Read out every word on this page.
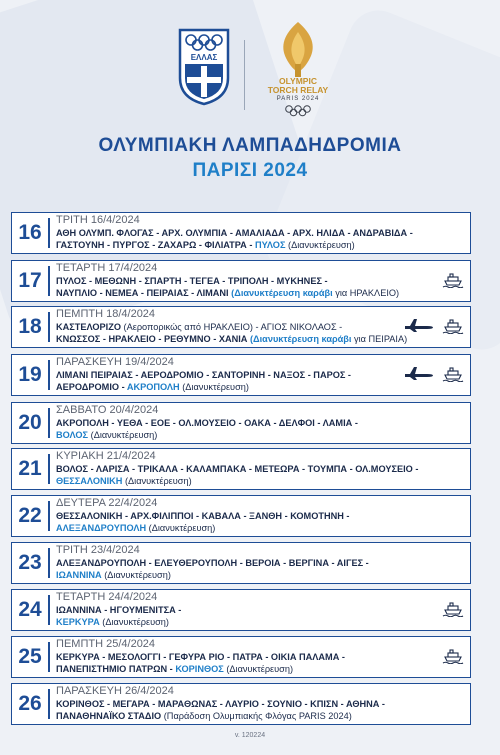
ΕΛΛΑΣ
OLYMPIC
TORCH RELAY
PARIS 2024
ΟΛΥΜΠΙΑΚΗ ΛΑΜΠΑΔΗΔΡΟΜΙΑ
ΠΑΡΙΣΙ 2024
16
ΤΡΙΤΗ 16/4/2024
ΑΘΗ ΟΛΥΜΠ. ΦΛΟΓΑΣ - ΑΡΧ. ΟΛΥΜΠΙΑ - ΑΜΑΛΙΑΔΑ - ΑΡΧ. ΗΛΙΔΑ - ΑΝΔΡΑΒΙΔΑ -
ΓΑΣΤΟΥΝΗ - ΠΥΡΓΟΣ - ΖΑΧΑΡΩ - ΦΙΛΙΑΤΡΑ - ΠΥΛΟΣ (Διανυκτέρευση)
17
ΤΕΤΑΡΤΗ 17/4/2024
ΠΥΛΟΣ - ΜΕΘΩΝΗ - ΣΠΑΡΤΗ - ΤΕΓΕΑ - ΤΡΙΠΟΛΗ - ΜΥΚΗΝΕΣ -
ΝΑΥΠΛΙΟ - ΝΕΜΕΑ - ΠΕΙΡΑΙΑΣ - ΛΙΜΑΝΙ (Διανυκτέρευση καράβι για ΗΡΑΚΛΕΙΟ)
18
ΠΕΜΠΤΗ 18/4/2024
ΚΑΣΤΕΛΟΡΙΖΟ (Αεροπορικώς από ΗΡΑΚΛΕΙΟ) - ΑΓΙΟΣ ΝΙΚΟΛΑΟΣ -
ΚΝΩΣΣΟΣ - ΗΡΑΚΛΕΙΟ - ΡΕΘΥΜΝΟ - ΧΑΝΙΑ (Διανυκτέρευση καράβι για ΠΕΙΡΑΙΑ)
19
ΠΑΡΑΣΚΕΥΗ 19/4/2024
ΛΙΜΑΝΙ ΠΕΙΡΑΙΑΣ - ΑΕΡΟΔΡΟΜΙΟ - ΣΑΝΤΟΡΙΝΗ - ΝΑΞΟΣ - ΠΑΡΟΣ -
ΑΕΡΟΔΡΟΜΙΟ - ΑΚΡΟΠΟΛΗ (Διανυκτέρευση)
20
ΣΑΒΒΑΤΟ 20/4/2024
ΑΚΡΟΠΟΛΗ - ΥΕΘΑ - ΕΟΕ - ΟΛ.ΜΟΥΣΕΙΟ - ΟΑΚΑ - ΔΕΛΦΟΙ - ΛΑΜΙΑ -
ΒΟΛΟΣ (Διανυκτέρευση)
21
ΚΥΡΙΑΚΗ 21/4/2024
ΒΟΛΟΣ - ΛΑΡΙΣΑ - ΤΡΙΚΑΛΑ - ΚΑΛΑΜΠΑΚΑ - ΜΕΤΕΩΡΑ - ΤΟΥΜΠΑ - ΟΛ.ΜΟΥΣΕΙΟ -
ΘΕΣΣΑΛΟΝΙΚΗ (Διανυκτέρευση)
22
ΔΕΥΤΕΡΑ 22/4/2024
ΘΕΣΣΑΛΟΝΙΚΗ - ΑΡΧ.ΦΙΛΙΠΠΟΙ - ΚΑΒΑΛΑ - ΞΑΝΘΗ - ΚΟΜΟΤΗΝΗ -
ΑΛΕΞΑΝΔΡΟΥΠΟΛΗ (Διανυκτέρευση)
23
ΤΡΙΤΗ 23/4/2024
ΑΛΕΞΑΝΔΡΟΥΠΟΛΗ - ΕΛΕΥΘΕΡΟΥΠΟΛΗ - ΒΕΡΟΙΑ - ΒΕΡΓΙΝΑ - ΑΙΓΕΣ -
ΙΩΑΝΝΙΝΑ (Διανυκτέρευση)
24
ΤΕΤΑΡΤΗ 24/4/2024
ΙΩΑΝΝΙΝΑ - ΗΓΟΥΜΕΝΙΤΣΑ -
ΚΕΡΚΥΡΑ (Διανυκτέρευση)
25
ΠΕΜΠΤΗ 25/4/2024
ΚΕΡΚΥΡΑ - ΜΕΣΟΛΟΓΓΙ - ΓΕΦΥΡΑ ΡΙΟ - ΠΑΤΡΑ - ΟΙΚΙΑ ΠΑΛΑΜΑ -
ΠΑΝΕΠΙΣΤΗΜΙΟ ΠΑΤΡΩΝ - ΚΟΡΙΝΘΟΣ (Διανυκτέρευση)
26
ΠΑΡΑΣΚΕΥΗ 26/4/2024
ΚΟΡΙΝΘΟΣ - ΜΕΓΑΡΑ - ΜΑΡΑΘΩΝΑΣ - ΛΑΥΡΙΟ - ΣΟΥΝΙΟ - ΚΠΙΣΝ - ΑΘΗΝΑ -
ΠΑΝΑΘΗΝΑΪΚΟ ΣΤΑΔΙΟ (Παράδοση Ολυμπιακής Φλόγας PARIS 2024)
v. 120224
